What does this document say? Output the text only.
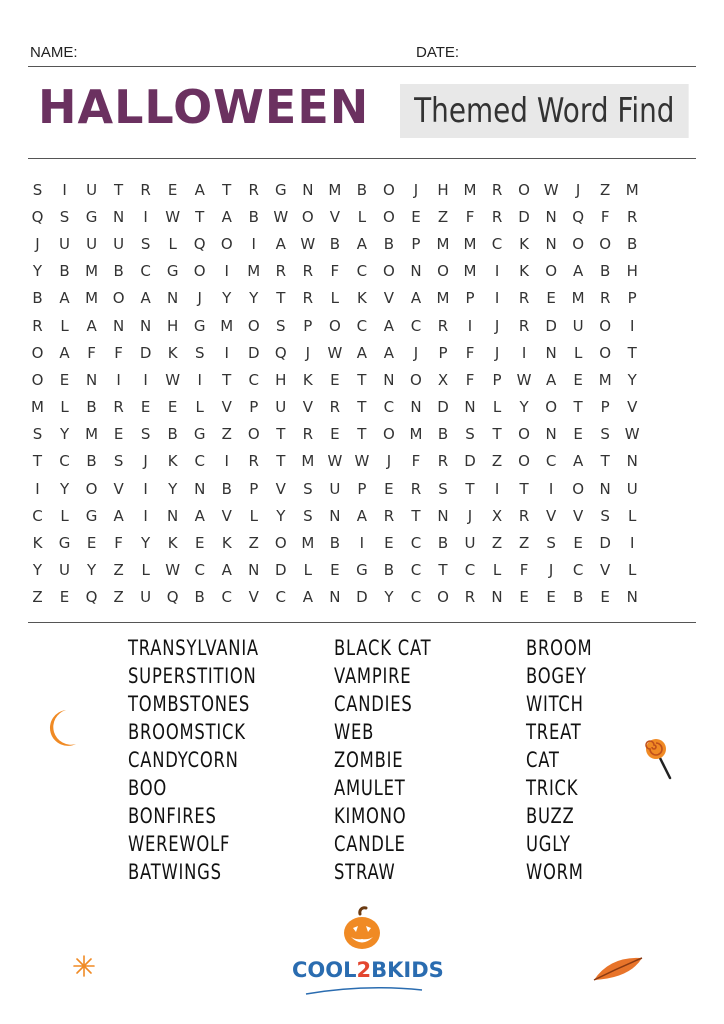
NAME:	DATE:
HALLOWEEN	Themed Word Find
S	I	U	T	R	E	A	T	R	G	N M	B	O	J	H M	R	O W	J	Z	M
Q	S	G	N	I	W	T	A	B W O	V	L	O	E	Z	F	R	D	N	Q	F	R
J	U	U	U	S	L	Q	O	I	A W B	A	B	P	M M	C	K	N	O	O	B
Y	B	M	B	C	G	O	I	M	R	R	F	C	O	N	O M	I	K	O	A	B	H
B	A	M O	A	N	J	Y	Y	T	R	L	K	V	A	M	P	I	R	E	M	R	P
R	L	A	N	N	H	G M O	S	P	O	C	A	C	R	I	J	R	D	U	O	I
O	A	F	F	D	K	S	I	D	Q	J	W A	A	J	P	F	J	I	N	L	O	T
O	E	N	I	I	W	I	T	C	H	K	E	T	N	O	X	F	P	W A	E	M	Y
M	L	B	R	E	E	L	V	P	U	V	R	T	C	N	D	N	L	Y	O	T	P	V
S	Y	M	E	S	B	G	Z	O	T	R	E	T	O M	B	S	T	O	N	E	S W
T	C	B	S	J	K	C	I	R	T	M W W	J	F	R	D	Z	O	C	A	T	N
I	Y	O	V	I	Y	N	B	P	V	S	U	P	E	R	S	T	I	T	I	O	N	U
C	L	G	A	I	N	A	V	L	Y	S	N	A	R	T	N	J	X	R	V	V	S	L
K	G	E	F	Y	K	E	K	Z	O M	B	I	E	C	B	U	Z	Z	S	E	D	I
Y	U	Y	Z	L	W C	A	N	D	L	E	G	B	C	T	C	L	F	J	C	V	L
Z	E	Q	Z	U	Q	B	C	V	C	A	N	D	Y	C	O	R	N	E	E	B	E	N
TRANSYLVANIA
SUPERSTITION
TOMBSTONES
BROOMSTICK
CANDYCORN
BOO
BONFIRES
WEREWOLF
BATWINGS
BLACK CAT
VAMPIRE
CANDIES
WEB
ZOMBIE
AMULET
KIMONO
CANDLE
STRAW
BROOM
BOGEY
WITCH
TREAT
CAT
TRICK
BUZZ
UGLY
WORM
COOL2BKIDS
